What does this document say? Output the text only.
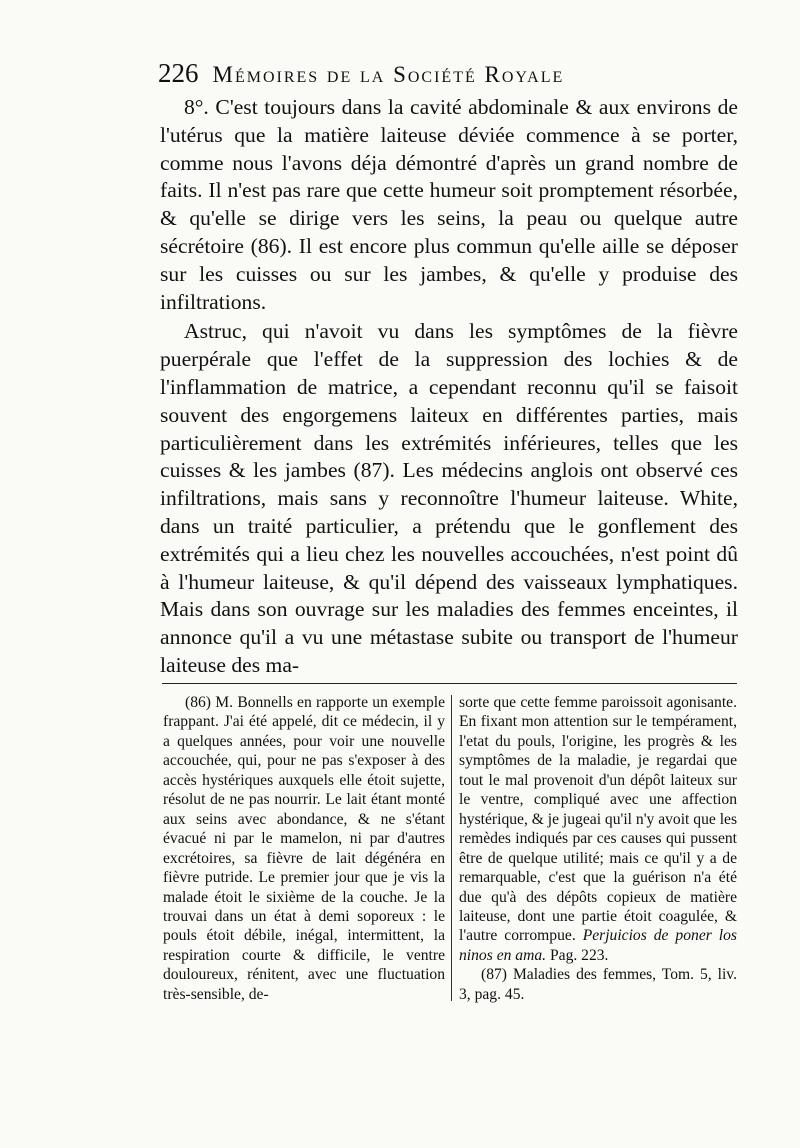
226 Mémoires de la Société Royale

8°. C'est toujours dans la cavité abdominale & aux environs de l'utérus que la matière laiteuse déviée commence à se porter, comme nous l'avons déja démontré d'après un grand nombre de faits. Il n'est pas rare que cette humeur soit promptement résorbée, & qu'elle se dirige vers les seins, la peau ou quelque autre sécrétoire (86). Il est encore plus commun qu'elle aille se déposer sur les cuisses ou sur les jambes, & qu'elle y produise des infiltrations.

Astruc, qui n'avoit vu dans les symptômes de la fièvre puerpérale que l'effet de la suppression des lochies & de l'inflammation de matrice, a cependant reconnu qu'il se faisoit souvent des engorgemens laiteux en différentes parties, mais particulièrement dans les extrémités inférieures, telles que les cuisses & les jambes (87). Les médecins anglois ont observé ces infiltrations, mais sans y reconnoître l'humeur laiteuse. White, dans un traité particulier, a prétendu que le gonflement des extrémités qui a lieu chez les nouvelles accouchées, n'est point dû à l'humeur laiteuse, & qu'il dépend des vaisseaux lymphatiques. Mais dans son ouvrage sur les maladies des femmes enceintes, il annonce qu'il a vu une métastase subite ou transport de l'humeur laiteuse des ma-

(86) M. Bonnells en rapporte un exemple frappant. J'ai été appelé, dit ce médecin, il y a quelques années, pour voir une nouvelle accouchée, qui, pour ne pas s'exposer à des accès hystériques auxquels elle étoit sujette, résolut de ne pas nourrir. Le lait étant monté aux seins avec abondance, & ne s'étant évacué ni par le mamelon, ni par d'autres excrétoires, sa fièvre de lait dégénéra en fièvre putride. Le premier jour que je vis la malade étoit le sixième de la couche. Je la trouvai dans un état à demi soporeux : le pouls étoit débile, inégal, intermittent, la respiration courte & difficile, le ventre douloureux, rénitent, avec une fluctuation très-sensible, de-

sorte que cette femme paroissoit agonisante. En fixant mon attention sur le tempérament, l'etat du pouls, l'origine, les progrès & les symptômes de la maladie, je regardai que tout le mal provenoit d'un dépôt laiteux sur le ventre, compliqué avec une affection hystérique, & je jugeai qu'il n'y avoit que les remèdes indiqués par ces causes qui pussent être de quelque utilité; mais ce qu'il y a de remarquable, c'est que la guérison n'a été due qu'à des dépôts copieux de matière laiteuse, dont une partie étoit coagulée, & l'autre corrompue. Perjuicios de poner los ninos en ama. Pag. 223.

(87) Maladies des femmes, Tom. 5, liv. 3, pag. 45.
